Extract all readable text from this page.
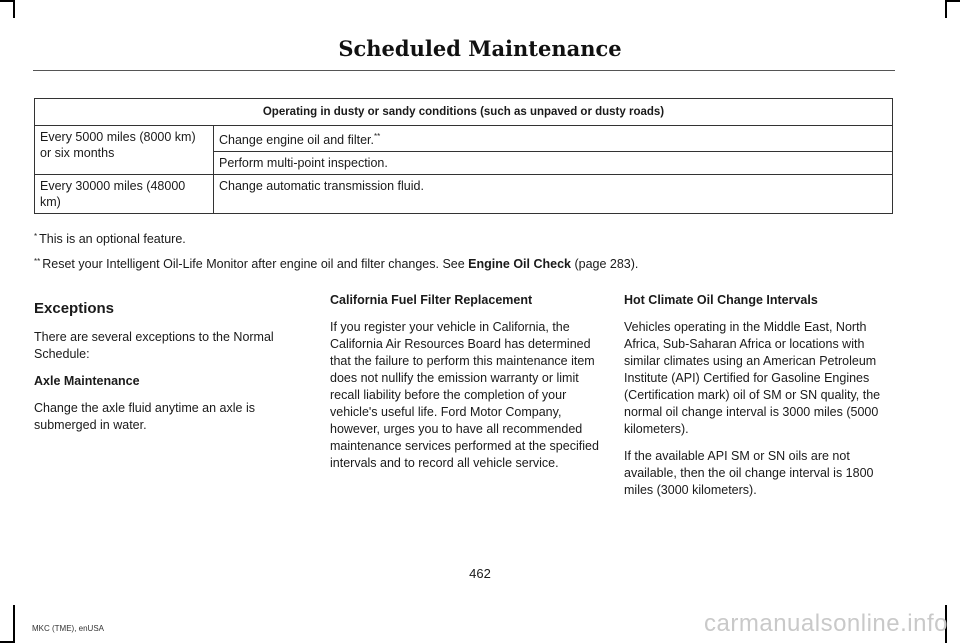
Scheduled Maintenance
Operating in dusty or sandy conditions (such as unpaved or dusty roads)	
Every 5000 miles (8000 km) or six months	Change engine oil and filter.**
	Perform multi-point inspection.
Every 30000 miles (48000 km)	Change automatic transmission fluid.
* This is an optional feature.
** Reset your Intelligent Oil-Life Monitor after engine oil and filter changes. See Engine Oil Check (page 283).
Exceptions

There are several exceptions to the Normal Schedule:

Axle Maintenance

Change the axle fluid anytime an axle is submerged in water.

California Fuel Filter Replacement

If you register your vehicle in California, the California Air Resources Board has determined that the failure to perform this maintenance item does not nullify the emission warranty or limit recall liability before the completion of your vehicle's useful life. Ford Motor Company, however, urges you to have all recommended maintenance services performed at the specified intervals and to record all vehicle service.

Hot Climate Oil Change Intervals

Vehicles operating in the Middle East, North Africa, Sub-Saharan Africa or locations with similar climates using an American Petroleum Institute (API) Certified for Gasoline Engines (Certification mark) oil of SM or SN quality, the normal oil change interval is 3000 miles (5000 kilometers).

If the available API SM or SN oils are not available, then the oil change interval is 1800 miles (3000 kilometers).

462
MKC (TME), enUSA	carmanualsonline.info
